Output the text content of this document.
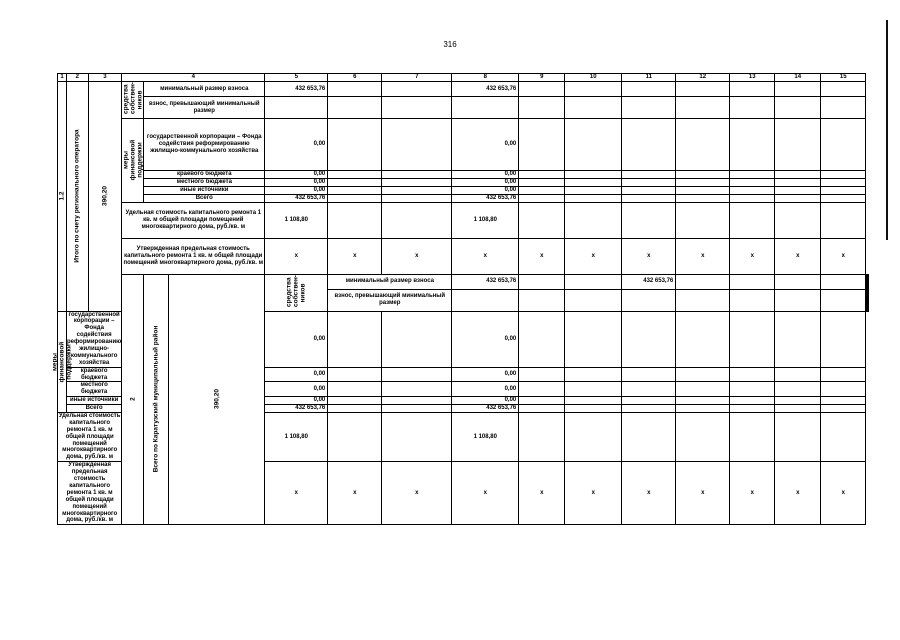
316
1	2	3	4			5	6	7	8	9	10	11	12	13	14	15		

1.2	Итого по счету регионального оператора	390,20	средства собствен-ников	минимальный размер взноса		432 653,76			432 653,76									
				взнос, превышающий минимальный размер														

			меры финансовой поддержки	государственной корпорации – Фонда содействия реформированию жилищно-коммунального хозяйства		0,00			0,00									
				краевого бюджета		0,00			0,00									
				местного бюджета		0,00			0,00									
				иные источники		0,00			0,00									
				Всего		432 653,76			432 653,76									
			Удельная стоимость капитального ремонта 1 кв. м общей площади помещений многоквартирного дома, руб./кв. м			1 108,80			1 108,80									
			Утвержденная предельная стоимость капитального ремонта 1 кв. м общей площади помещений многоквартирного дома, руб./кв. м			x	x	x	x	x	x	x	x	x	x	x		

			2	Всего по Каратузский муниципальный район	390,20	средства собствен-ников	минимальный размер взноса		432 653,76			432 653,76							
							взнос, превышающий минимальный размер											

меры финансовой поддержки	государственной корпорации – Фонда содействия реформированию жилищно-коммунального хозяйства					0,00			0,00									
	краевого бюджета					0,00			0,00									
	местного бюджета					0,00			0,00									
	иные источники					0,00			0,00									
	Всего					432 653,76			432 653,76									
Удельная стоимость капитального ремонта 1 кв. м общей площади помещений многоквартирного дома, руб./кв. м						1 108,80			1 108,80									
Утвержденная предельная стоимость капитального ремонта 1 кв. м общей площади помещений многоквартирного дома, руб./кв. м						x	x	x	x	x	x	x	x	x	x	x		
